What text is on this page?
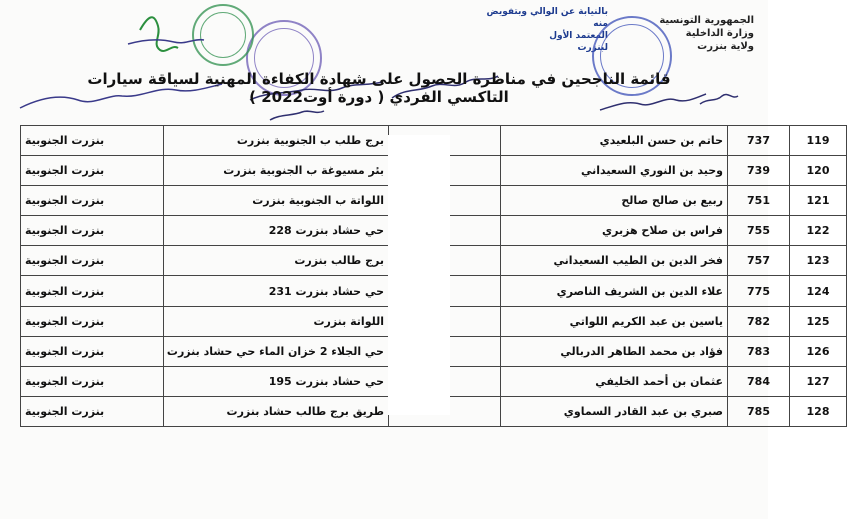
الجمهورية التونسية
وزارة الداخلية
ولاية بنزرت
بالنيابة عن الوالي وبتفويض منه
المعتمد الأول
لبنزرت
قائمة الناجحين في مناظرة الحصول على شهادة الكفاءة المهنية لسياقة سيارات التاكسي الفردي ( دورة أوت2022 )
بنزرت الجنوبية	برج طلب ب الجنوبية بنزرت		حاتم بن حسن البلعيدي	737	119
بنزرت الجنوبية	بئر مسيوغة ب الجنوبية بنزرت		وحيد بن النوري السعيداني	739	120
بنزرت الجنوبية	اللواتة ب الجنوبية بنزرت		ربيع بن صالح صالح	751	121
بنزرت الجنوبية	حي حشاد بنزرت 228		فراس بن صلاح هزبري	755	122
بنزرت الجنوبية	برج طالب بنزرت		فخر الدين بن الطيب السعيداني	757	123
بنزرت الجنوبية	حي حشاد بنزرت 231		علاء الدين بن الشريف الناصري	775	124
بنزرت الجنوبية	اللواتة بنزرت		ياسين بن عبد الكريم اللواتي	782	125
بنزرت الجنوبية	حي الجلاء 2 خزان الماء حي حشاد بنزرت		فؤاد بن محمد الطاهر الدربالي	783	126
بنزرت الجنوبية	حي حشاد بنزرت 195		عثمان بن أحمد الخليفي	784	127
بنزرت الجنوبية	طريق برج طالب حشاد بنزرت		صبري بن عبد القادر السماوي	785	128
